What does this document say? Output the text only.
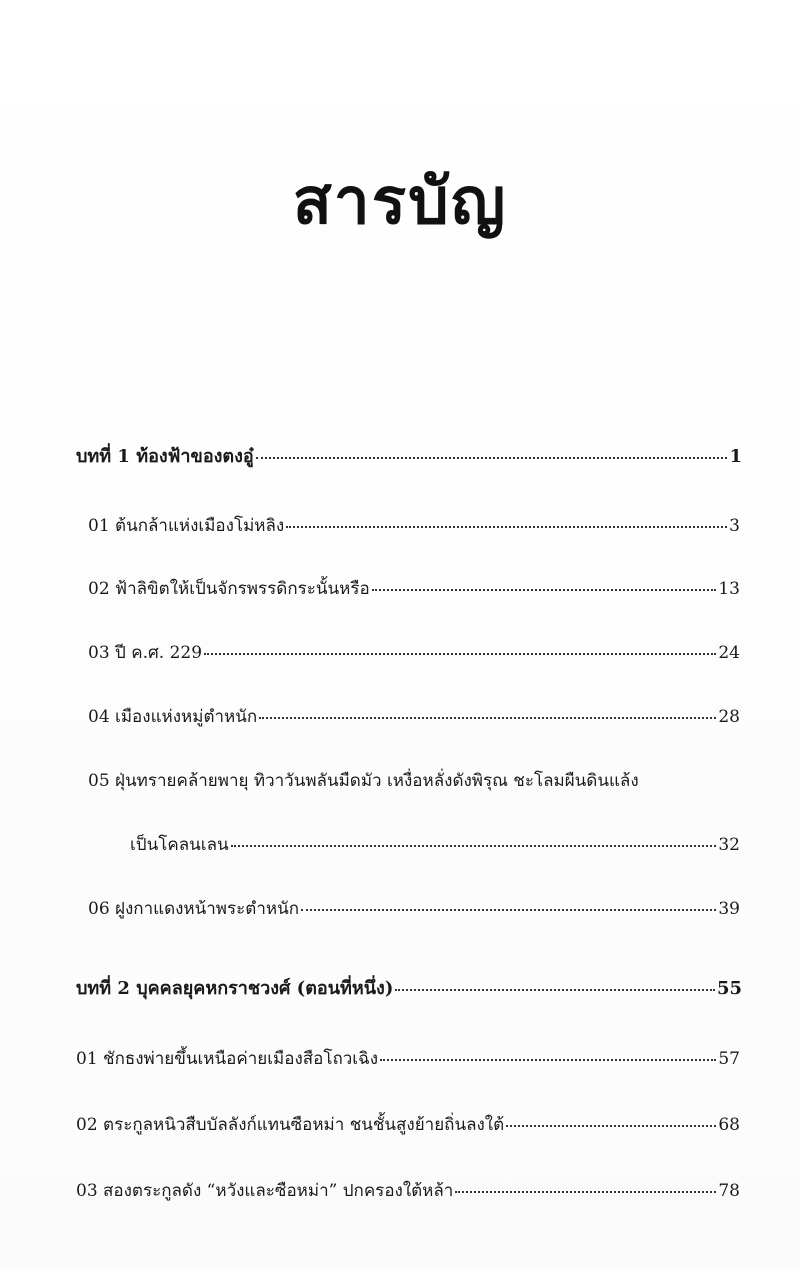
สารบัญ
บทที่ 1 ท้องฟ้าของตงอู๋	1
01 ต้นกล้าแห่งเมืองโม่หลิง	3
02 ฟ้าลิขิตให้เป็นจักรพรรดิกระนั้นหรือ	13
03 ปี ค.ศ. 229	24
04 เมืองแห่งหมู่ตำหนัก	28
05 ฝุ่นทรายคล้ายพายุ ทิวาวันพลันมืดมัว เหงื่อหลั่งดังพิรุณ ชะโลมผืนดินแล้ง
เป็นโคลนเลน	32
06 ฝูงกาแดงหน้าพระตำหนัก	39
บทที่ 2 บุคคลยุคหกราชวงศ์ (ตอนที่หนึ่ง)	55
01 ชักธงพ่ายขึ้นเหนือค่ายเมืองสือโถวเฉิง	57
02 ตระกูลหนิวสืบบัลลังก์แทนซือหม่า ชนชั้นสูงย้ายถิ่นลงใต้	68
03 สองตระกูลดัง “หวังและซือหม่า” ปกครองใต้หล้า	78
